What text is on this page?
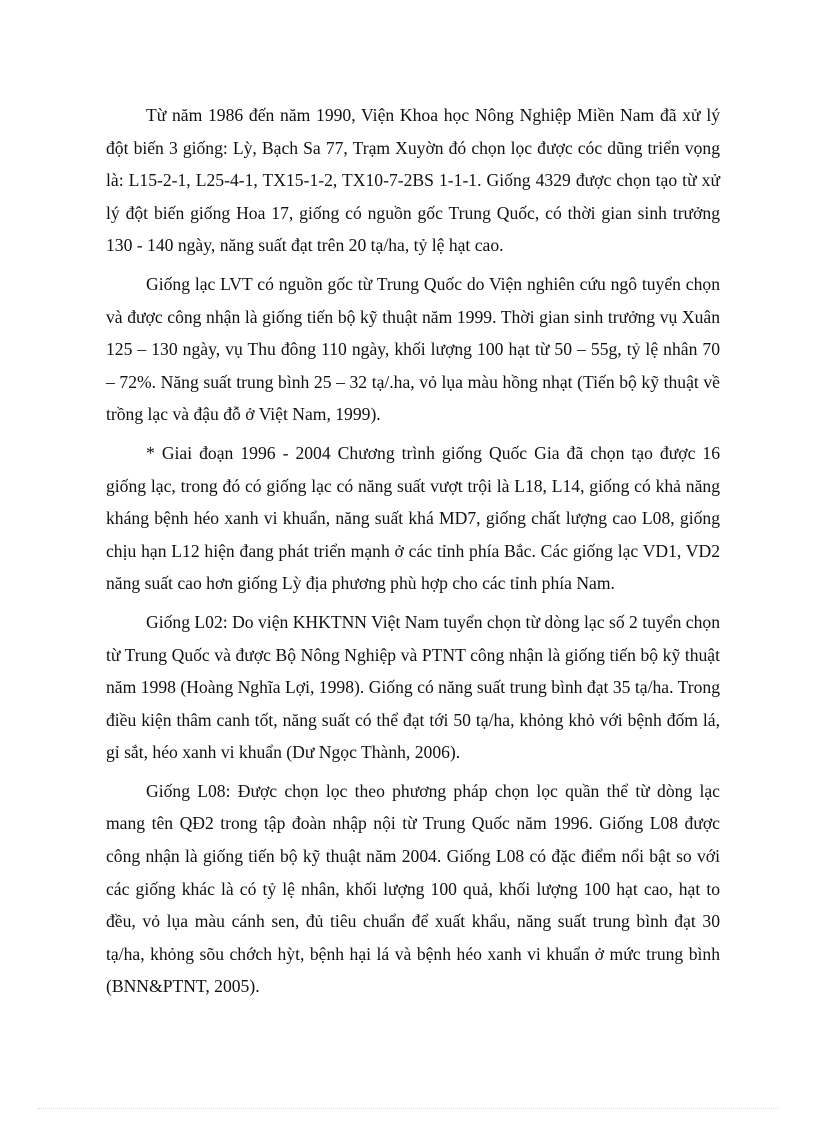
Từ năm 1986 đến năm 1990, Viện Khoa học Nông Nghiệp Miền Nam đã xử lý đột biến 3 giống: Lỳ, Bạch Sa 77, Trạm Xuyờn đó chọn lọc được cóc dũng triển vọng là: L15-2-1, L25-4-1, TX15-1-2, TX10-7-2BS 1-1-1. Giống 4329 được chọn tạo từ xử lý đột biến giống Hoa 17, giống có nguồn gốc Trung Quốc, có thời gian sinh trưởng 130 - 140 ngày, năng suất đạt trên 20 tạ/ha, tỷ lệ hạt cao.

Giống lạc LVT có nguồn gốc từ Trung Quốc do Viện nghiên cứu ngô tuyển chọn và được công nhận là giống tiến bộ kỹ thuật năm 1999. Thời gian sinh trưởng vụ Xuân 125 – 130 ngày, vụ Thu đông 110 ngày, khối lượng 100 hạt từ 50 – 55g, tỷ lệ nhân 70 – 72%. Năng suất trung bình 25 – 32 tạ/.ha, vỏ lụa màu hồng nhạt (Tiến bộ kỹ thuật về trồng lạc và đậu đỗ ở Việt Nam, 1999).

* Giai đoạn 1996 - 2004 Chương trình giống Quốc Gia đã chọn tạo được 16 giống lạc, trong đó có giống lạc có năng suất vượt trội là L18, L14, giống có khả năng kháng bệnh héo xanh vi khuẩn, năng suất khá MD7, giống chất lượng cao L08, giống chịu hạn L12 hiện đang phát triển mạnh ở các tỉnh phía Bắc. Các giống lạc VD1, VD2 năng suất cao hơn giống Lỳ địa phương phù hợp cho các tỉnh phía Nam.

Giống L02: Do viện KHKTNN Việt Nam tuyển chọn từ dòng lạc số 2 tuyển chọn từ Trung Quốc và được Bộ Nông Nghiệp và PTNT công nhận là giống tiến bộ kỹ thuật năm 1998 (Hoàng Nghĩa Lợi, 1998). Giống có năng suất trung bình đạt 35 tạ/ha. Trong điều kiện thâm canh tốt, năng suất có thể đạt tới 50 tạ/ha, khỏng khỏ với bệnh đốm lá, gỉ sắt, héo xanh vi khuẩn (Dư Ngọc Thành, 2006).

Giống L08: Được chọn lọc theo phương pháp chọn lọc quần thể từ dòng lạc mang tên QĐ2 trong tập đoàn nhập nội từ Trung Quốc năm 1996. Giống L08 được công nhận là giống tiến bộ kỹ thuật năm 2004. Giống L08 có đặc điểm nổi bật so với các giống khác là có tỷ lệ nhân, khối lượng 100 quả, khối lượng 100 hạt cao, hạt to đều, vỏ lụa màu cánh sen, đủ tiêu chuẩn để xuất khẩu, năng suất trung bình đạt 30 tạ/ha, khỏng sõu chớch hỳt, bệnh hại lá và bệnh héo xanh vi khuẩn ở mức trung bình (BNN&PTNT, 2005).
